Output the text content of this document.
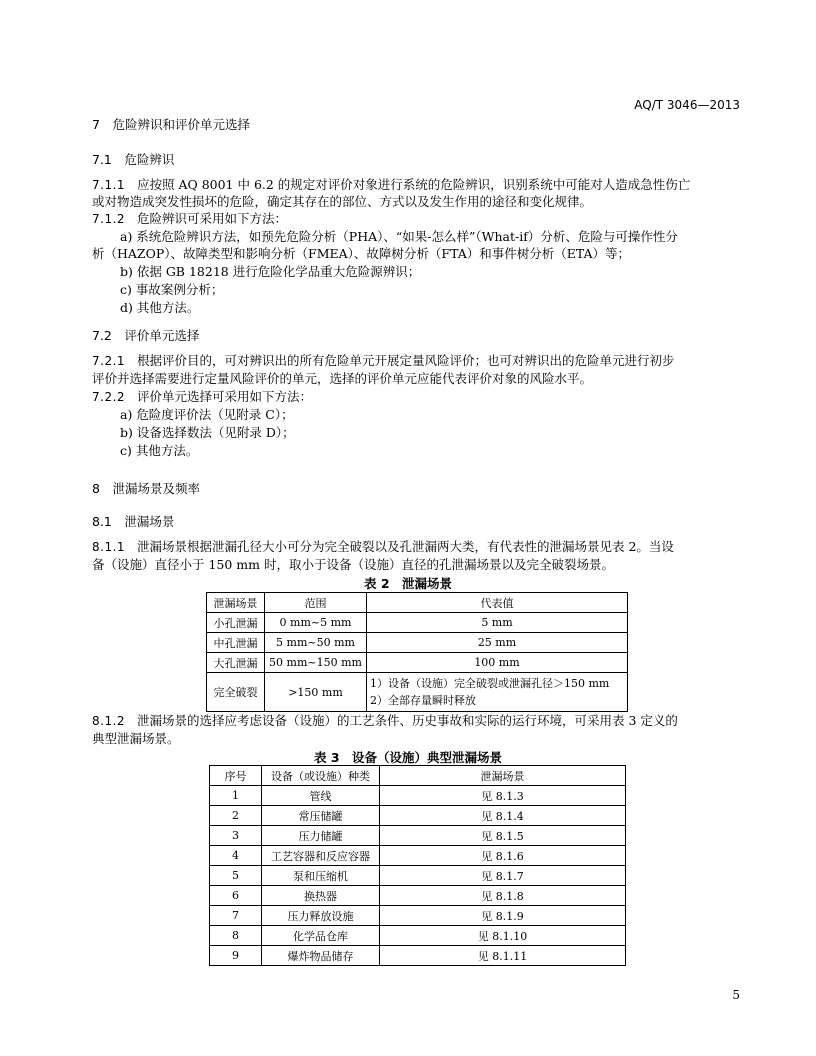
AQ/T 3046—2013
7　危险辨识和评价单元选择
7.1　危险辨识
7.1.1 应按照 AQ 8001 中 6.2 的规定对评价对象进行系统的危险辨识，识别系统中可能对人造成急性伤亡
或对物造成突发性损坏的危险，确定其存在的部位、方式以及发生作用的途径和变化规律。
7.1.2 危险辨识可采用如下方法：
a) 系统危险辨识方法，如预先危险分析（PHA）、“如果-怎么样”（What-if）分析、危险与可操作性分
析（HAZOP）、故障类型和影响分析（FMEA）、故障树分析（FTA）和事件树分析（ETA）等；
b) 依据 GB 18218 进行危险化学品重大危险源辨识；
c) 事故案例分析；
d) 其他方法。
7.2　评价单元选择
7.2.1 根据评价目的，可对辨识出的所有危险单元开展定量风险评价；也可对辨识出的危险单元进行初步
评价并选择需要进行定量风险评价的单元，选择的评价单元应能代表评价对象的风险水平。
7.2.2 评价单元选择可采用如下方法：
a) 危险度评价法（见附录 C）；
b) 设备选择数法（见附录 D）；
c) 其他方法。
8　泄漏场景及频率
8.1　泄漏场景
8.1.1 泄漏场景根据泄漏孔径大小可分为完全破裂以及孔泄漏两大类，有代表性的泄漏场景见表 2。当设
备（设施）直径小于 150 mm 时，取小于设备（设施）直径的孔泄漏场景以及完全破裂场景。
表 2　泄漏场景
泄漏场景	范围	代表值
小孔泄漏	0 mm~5 mm	5 mm
中孔泄漏	5 mm~50 mm	25 mm
大孔泄漏	50 mm~150 mm	100 mm
完全破裂	>150 mm	1）设备（设施）完全破裂或泄漏孔径＞150 mm
2）全部存量瞬时释放
8.1.2 泄漏场景的选择应考虑设备（设施）的工艺条件、历史事故和实际的运行环境，可采用表 3 定义的
典型泄漏场景。
表 3　设备（设施）典型泄漏场景
序号	设备（或设施）种类	泄漏场景
1	管线	见 8.1.3
2	常压储罐	见 8.1.4
3	压力储罐	见 8.1.5
4	工艺容器和反应容器	见 8.1.6
5	泵和压缩机	见 8.1.7
6	换热器	见 8.1.8
7	压力释放设施	见 8.1.9
8	化学品仓库	见 8.1.10
9	爆炸物品储存	见 8.1.11
5
